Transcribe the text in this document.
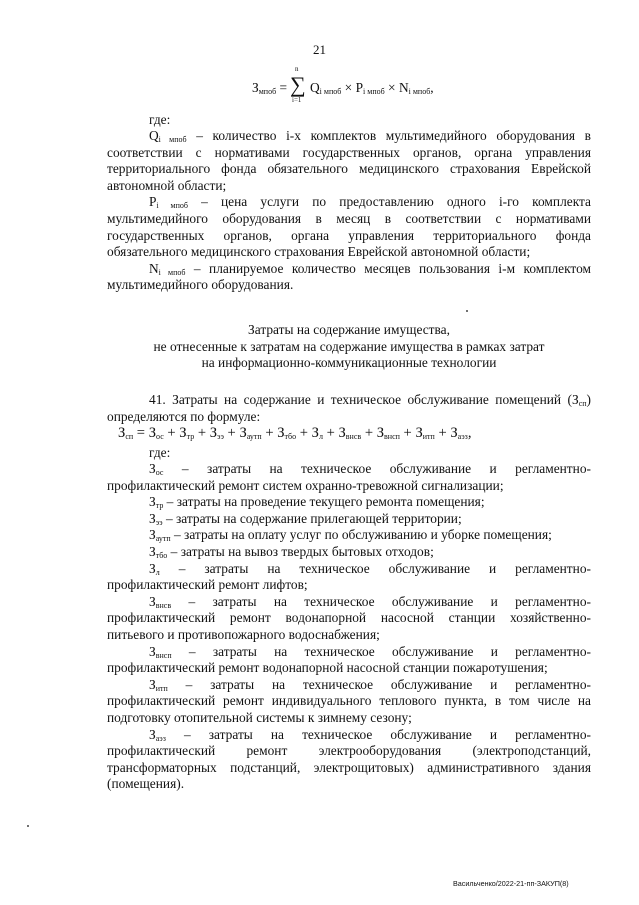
21
$З_{мпоб}$ =
n
∑
i=1
$Q_{i мпоб} \times P_{i мпоб} \times N_{i мпоб}$,
где:
$Q_{i мпоб}$ – количество i-х комплектов мультимедийного оборудования в
соответствии с нормативами государственных органов, органа управления
территориального фонда обязательного медицинского страхования Еврейской
автономной области;
$P_{i мпоб}$ – цена услуги по предоставлению одного i-го комплекта
мультимедийного оборудования в месяц в соответствии с нормативами
государственных органов, органа управления территориального фонда
обязательного медицинского страхования Еврейской автономной области;
$N_{i мпоб}$ – планируемое количество месяцев пользования i-м комплектом
мультимедийного оборудования.
Затраты на содержание имущества,
не отнесенные к затратам на содержание имущества в рамках затрат
на информационно-коммуникационные технологии
41. Затраты на содержание и техническое обслуживание помещений $(З_{сп})$
определяются по формуле:
$З_{сп} = З_{ос} + З_{тр} + З_{ээ} + З_{аутп} + З_{тбо} + З_л + З_{внсв} + З_{внсп} + З_{итп} + З_{аэз}$,
где:
$З_{ос}$ – затраты на техническое обслуживание и регламентно-
профилактический ремонт систем охранно-тревожной сигнализации;
$З_{тр}$ – затраты на проведение текущего ремонта помещения;
$З_{ээ}$ – затраты на содержание прилегающей территории;
$З_{аутп}$ – затраты на оплату услуг по обслуживанию и уборке помещения;
$З_{тбо}$ – затраты на вывоз твердых бытовых отходов;
$З_л$ – затраты на техническое обслуживание и регламентно-
профилактический ремонт лифтов;
$З_{внсв}$ – затраты на техническое обслуживание и регламентно-
профилактический ремонт водонапорной насосной станции хозяйственно-
питьевого и противопожарного водоснабжения;
$З_{внсп}$ – затраты на техническое обслуживание и регламентно-
профилактический ремонт водонапорной насосной станции пожаротушения;
$З_{итп}$ – затраты на техническое обслуживание и регламентно-
профилактический ремонт индивидуального теплового пункта, в том числе на
подготовку отопительной системы к зимнему сезону;
$З_{аэз}$ – затраты на техническое обслуживание и регламентно-
профилактический ремонт электрооборудования (электроподстанций,
трансформаторных подстанций, электрощитовых) административного здания
(помещения).
Васильченко/2022-21-пп-ЗАКУП(8)
